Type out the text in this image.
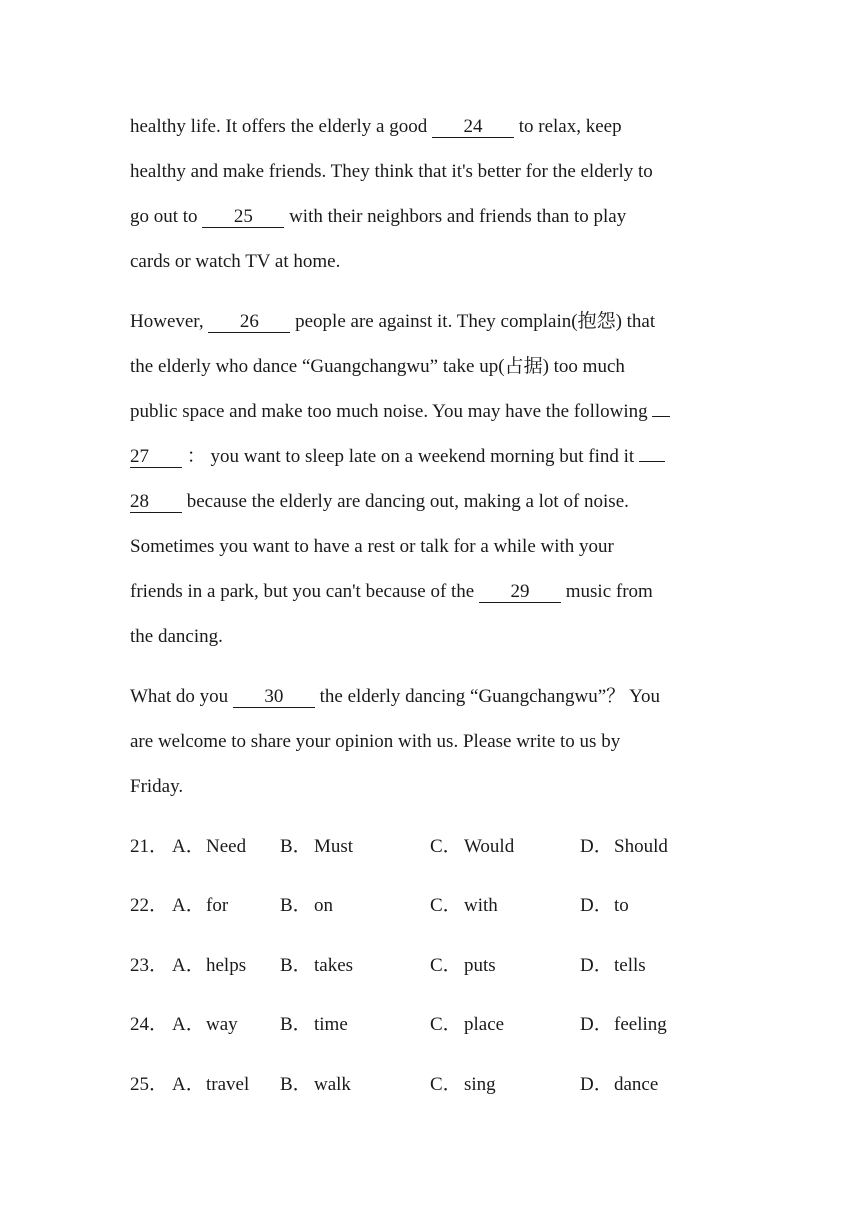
healthy life. It offers the elderly a good 24 to relax, keep
healthy and make friends. They think that it's better for the elderly to
go out to 25 with their neighbors and friends than to play
cards or watch TV at home.
However, 26 people are against it. They complain(抱怨) that
the elderly who dance “Guangchangwu” take up(占据) too much
public space and make too much noise. You may have the following
27 ： you want to sleep late on a weekend morning but find it
28 because the elderly are dancing out, making a lot of noise.
Sometimes you want to have a rest or talk for a while with your
friends in a park, but you can't because of the 29 music from
the dancing.
What do you 30 the elderly dancing “Guangchangwu”？ You
are welcome to share your opinion with us. Please write to us by
Friday.
21． A．Need B． Must	C． Would	D．Should
22． A．for	B． on	C． with	D．to
23． A．helps B． takes	C． puts	D．tells
24． A．way B． time	C． place	D．feeling
25． A．travel B． walk	C． sing	D．dance
